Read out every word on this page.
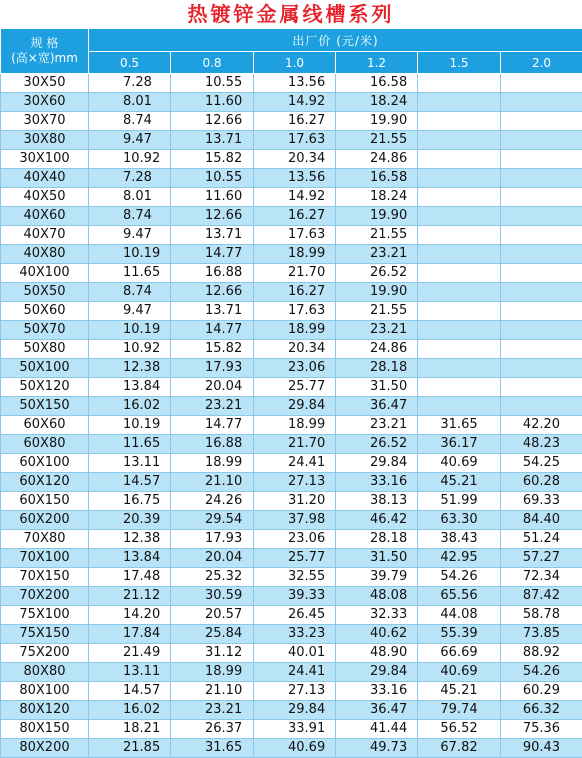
热镀锌金属线槽系列
规 格
(高×宽)mm	出厂价 (元/米)					
	0.5	0.8	1.0	1.2	1.5	2.0
30X50	7.28	10.55	13.56	16.58		
30X60	8.01	11.60	14.92	18.24		
30X70	8.74	12.66	16.27	19.90		
30X80	9.47	13.71	17.63	21.55		
30X100	10.92	15.82	20.34	24.86		
40X40	7.28	10.55	13.56	16.58		
40X50	8.01	11.60	14.92	18.24		
40X60	8.74	12.66	16.27	19.90		
40X70	9.47	13.71	17.63	21.55		
40X80	10.19	14.77	18.99	23.21		
40X100	11.65	16.88	21.70	26.52		
50X50	8.74	12.66	16.27	19.90		
50X60	9.47	13.71	17.63	21.55		
50X70	10.19	14.77	18.99	23.21		
50X80	10.92	15.82	20.34	24.86		
50X100	12.38	17.93	23.06	28.18		
50X120	13.84	20.04	25.77	31.50		
50X150	16.02	23.21	29.84	36.47		
60X60	10.19	14.77	18.99	23.21	31.65	42.20
60X80	11.65	16.88	21.70	26.52	36.17	48.23
60X100	13.11	18.99	24.41	29.84	40.69	54.25
60X120	14.57	21.10	27.13	33.16	45.21	60.28
60X150	16.75	24.26	31.20	38.13	51.99	69.33
60X200	20.39	29.54	37.98	46.42	63.30	84.40
70X80	12.38	17.93	23.06	28.18	38.43	51.24
70X100	13.84	20.04	25.77	31.50	42.95	57.27
70X150	17.48	25.32	32.55	39.79	54.26	72.34
70X200	21.12	30.59	39.33	48.08	65.56	87.42
75X100	14.20	20.57	26.45	32.33	44.08	58.78
75X150	17.84	25.84	33.23	40.62	55.39	73.85
75X200	21.49	31.12	40.01	48.90	66.69	88.92
80X80	13.11	18.99	24.41	29.84	40.69	54.26
80X100	14.57	21.10	27.13	33.16	45.21	60.29
80X120	16.02	23.21	29.84	36.47	79.74	66.32
80X150	18.21	26.37	33.91	41.44	56.52	75.36
80X200	21.85	31.65	40.69	49.73	67.82	90.43
